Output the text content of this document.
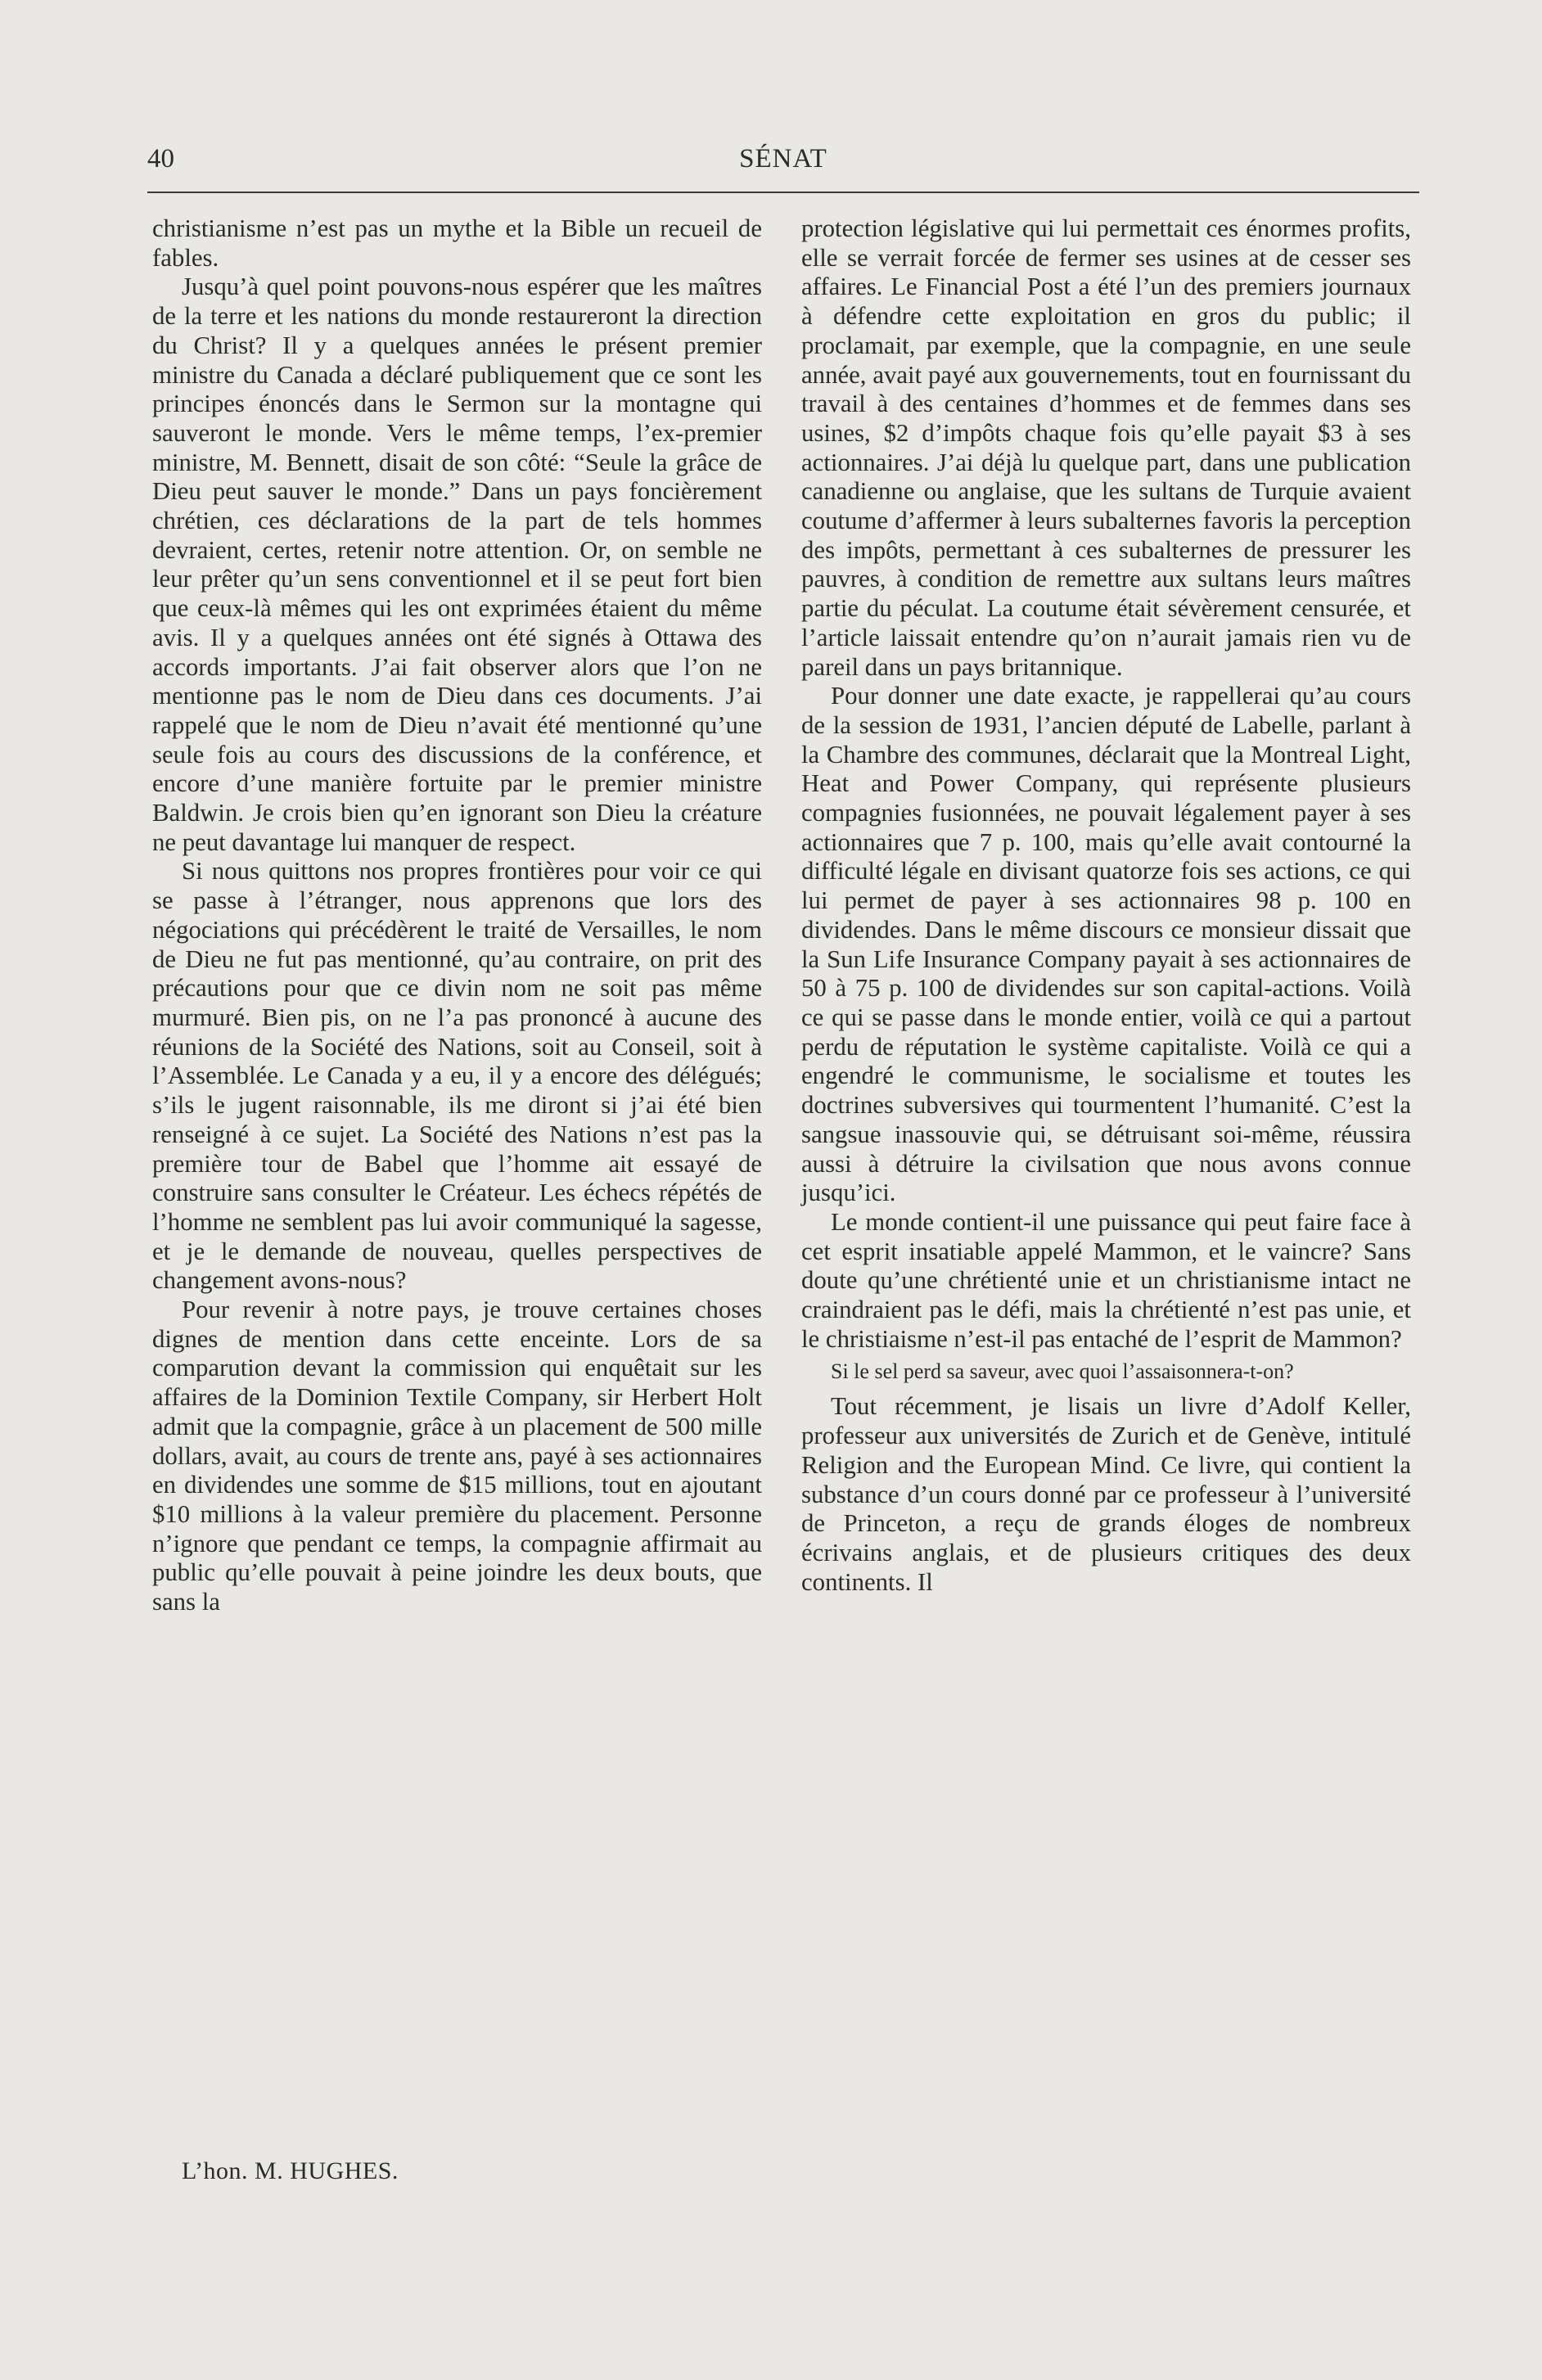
40	SÉNAT

christianisme n’est pas un mythe et la Bible un recueil de fables.

Jusqu’à quel point pouvons-nous espérer que les maîtres de la terre et les nations du monde restaureront la direction du Christ? Il y a quelques années le présent premier ministre du Canada a déclaré publiquement que ce sont les principes énoncés dans le Sermon sur la montagne qui sauveront le monde. Vers le même temps, l’ex-premier ministre, M. Bennett, disait de son côté: “Seule la grâce de Dieu peut sauver le monde.” Dans un pays foncièrement chrétien, ces déclarations de la part de tels hommes devraient, certes, retenir notre attention. Or, on semble ne leur prêter qu’un sens conventionnel et il se peut fort bien que ceux-là mêmes qui les ont exprimées étaient du même avis. Il y a quelques années ont été signés à Ottawa des accords importants. J’ai fait observer alors que l’on ne mentionne pas le nom de Dieu dans ces documents. J’ai rappelé que le nom de Dieu n’avait été mentionné qu’une seule fois au cours des discussions de la conférence, et encore d’une manière fortuite par le premier ministre Baldwin. Je crois bien qu’en ignorant son Dieu la créature ne peut davantage lui manquer de respect.

Si nous quittons nos propres frontières pour voir ce qui se passe à l’étranger, nous apprenons que lors des négociations qui précédèrent le traité de Versailles, le nom de Dieu ne fut pas mentionné, qu’au contraire, on prit des précautions pour que ce divin nom ne soit pas même murmuré. Bien pis, on ne l’a pas prononcé à aucune des réunions de la Société des Nations, soit au Conseil, soit à l’Assemblée. Le Canada y a eu, il y a encore des délégués; s’ils le jugent raisonnable, ils me diront si j’ai été bien renseigné à ce sujet. La Société des Nations n’est pas la première tour de Babel que l’homme ait essayé de construire sans consulter le Créateur. Les échecs répétés de l’homme ne semblent pas lui avoir communiqué la sagesse, et je le demande de nouveau, quelles perspectives de changement avons-nous?

Pour revenir à notre pays, je trouve certaines choses dignes de mention dans cette enceinte. Lors de sa comparution devant la commission qui enquêtait sur les affaires de la Dominion Textile Company, sir Herbert Holt admit que la compagnie, grâce à un placement de 500 mille dollars, avait, au cours de trente ans, payé à ses actionnaires en dividendes une somme de $15 millions, tout en ajoutant $10 millions à la valeur première du placement. Personne n’ignore que pendant ce temps, la compagnie affirmait au public qu’elle pouvait à peine joindre les deux bouts, que sans la

protection législative qui lui permettait ces énormes profits, elle se verrait forcée de fermer ses usines at de cesser ses affaires. Le Financial Post a été l’un des premiers journaux à défendre cette exploitation en gros du public; il proclamait, par exemple, que la compagnie, en une seule année, avait payé aux gouvernements, tout en fournissant du travail à des centaines d’hommes et de femmes dans ses usines, $2 d’impôts chaque fois qu’elle payait $3 à ses actionnaires. J’ai déjà lu quelque part, dans une publication canadienne ou anglaise, que les sultans de Turquie avaient coutume d’affermer à leurs subalternes favoris la perception des impôts, permettant à ces subalternes de pressurer les pauvres, à condition de remettre aux sultans leurs maîtres partie du péculat. La coutume était sévèrement censurée, et l’article laissait entendre qu’on n’aurait jamais rien vu de pareil dans un pays britannique.

Pour donner une date exacte, je rappellerai qu’au cours de la session de 1931, l’ancien député de Labelle, parlant à la Chambre des communes, déclarait que la Montreal Light, Heat and Power Company, qui représente plusieurs compagnies fusionnées, ne pouvait légalement payer à ses actionnaires que 7 p. 100, mais qu’elle avait contourné la difficulté légale en divisant quatorze fois ses actions, ce qui lui permet de payer à ses actionnaires 98 p. 100 en dividendes. Dans le même discours ce monsieur dissait que la Sun Life Insurance Company payait à ses actionnaires de 50 à 75 p. 100 de dividendes sur son capital-actions. Voilà ce qui se passe dans le monde entier, voilà ce qui a partout perdu de réputation le système capitaliste. Voilà ce qui a engendré le communisme, le socialisme et toutes les doctrines subversives qui tourmentent l’humanité. C’est la sangsue inassouvie qui, se détruisant soi-même, réussira aussi à détruire la civilsation que nous avons connue jusqu’ici.

Le monde contient-il une puissance qui peut faire face à cet esprit insatiable appelé Mammon, et le vaincre? Sans doute qu’une chrétienté unie et un christianisme intact ne craindraient pas le défi, mais la chrétienté n’est pas unie, et le christiaisme n’est-il pas entaché de l’esprit de Mammon?

Si le sel perd sa saveur, avec quoi l’assaisonnera-t-on?

Tout récemment, je lisais un livre d’Adolf Keller, professeur aux universités de Zurich et de Genève, intitulé Religion and the European Mind. Ce livre, qui contient la substance d’un cours donné par ce professeur à l’université de Princeton, a reçu de grands éloges de nombreux écrivains anglais, et de plusieurs critiques des deux continents. Il

L’hon. M. HUGHES.
